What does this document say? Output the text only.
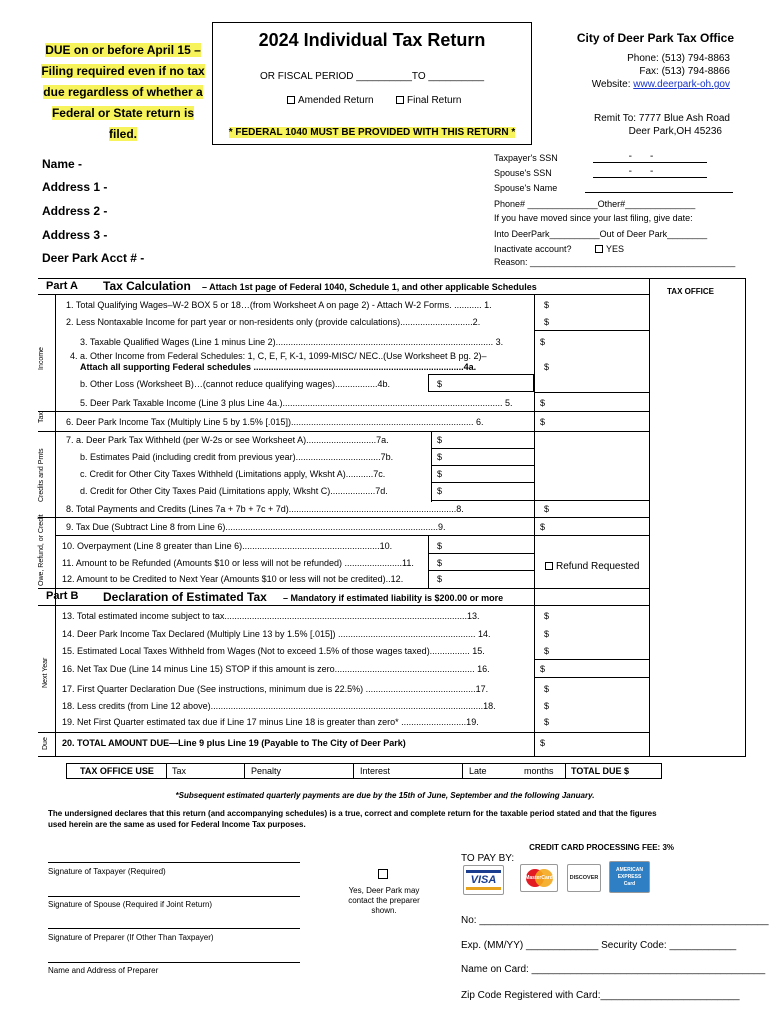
DUE on or before April 15 – Filing required even if no tax due regardless of whether a Federal or State return is filed.
2024 Individual Tax Return
OR FISCAL PERIOD __________TO __________
Amended Return	Final Return
* FEDERAL 1040 MUST BE PROVIDED WITH THIS RETURN *
City of Deer Park Tax Office
Phone: (513) 794-8863
Fax: (513) 794-8866
Website: www.deerpark-oh.gov
Remit To: 7777 Blue Ash Road
Deer Park,OH 45236
Name -
Address 1 -
Address 2 -
Address 3 -
Deer Park Acct # -
Taxpayer's SSN	--
Spouse's SSN	--
Spouse's Name
Phone# ______________Other#______________
If you have moved since your last filing, give date:
Into DeerPark__________Out of Deer Park________
Inactivate account?	YES
Reason: _________________________________________
Part A Tax Calculation – Attach 1st page of Federal 1040, Schedule 1, and other applicable Schedules	TAX OFFICE
Income
Tax
Credits and Pmts
Owe, Refund, or Credit
1. Total Qualifying Wages–W-2 BOX 5 or 18…(from Worksheet A on page 2) - Attach W-2 Forms. ........... 1.	$
2. Less Nontaxable Income for part year or non-residents only (provide calculations).............................2.	$
3. Taxable Qualified Wages (Line 1 minus Line 2)....................................................................................... 3.	$
4. a. Other Income from Federal Schedules: 1, C, E, F, K-1, 1099-MISC/ NEC..(Use Worksheet B pg. 2)–
Attach all supporting Federal schedules ....................................................................................4a.	$
b. Other Loss (Worksheet B)…(cannot reduce qualifying wages).................4b.	$
5. Deer Park Taxable Income (Line 3 plus Line 4a.)........................................................................................ 5.	$
6. Deer Park Income Tax (Multiply Line 5 by 1.5% [.015])......................................................................... 6.	$
7. a. Deer Park Tax Withheld (per W-2s or see Worksheet A)............................7a.	$
b. Estimates Paid (including credit from previous year)..................................7b.	$
c. Credit for Other City Taxes Withheld (Limitations apply, Wksht A)...........7c.	$
d. Credit for Other City Taxes Paid (Limitations apply, Wksht C)..................7d.	$
8. Total Payments and Credits (Lines 7a + 7b + 7c + 7d)...................................................................8.	$
9. Tax Due (Subtract Line 8 from Line 6).....................................................................................9.	$
10. Overpayment (Line 8 greater than Line 6).......................................................10.	$
11. Amount to be Refunded (Amounts $10 or less will not be refunded) .......................11.	$
12. Amount to be Credited to Next Year (Amounts $10 or less will not be credited)..12.	$
Refund Requested
Part B Declaration of Estimated Tax – Mandatory if estimated liability is $200.00 or more
Next Year
Due
13. Total estimated income subject to tax.................................................................................................13.	$
14. Deer Park Income Tax Declared (Multiply Line 13 by 1.5% [.015]) ....................................................... 14.	$
15. Estimated Local Taxes Withheld from Wages (Not to exceed 1.5% of those wages taxed)................ 15.	$
16. Net Tax Due (Line 14 minus Line 15) STOP if this amount is zero........................................................ 16.	$
17. First Quarter Declaration Due (See instructions, minimum due is 22.5%) ............................................17.	$
18. Less credits (from Line 12 above).............................................................................................................18.	$
19. Net First Quarter estimated tax due if Line 17 minus Line 18 is greater than zero* ..........................19.	$
20. TOTAL AMOUNT DUE—Line 9 plus Line 19 (Payable to The City of Deer Park)	$
TAX OFFICE USE Tax	Penalty	Interest	Late	months TOTAL DUE $
*Subsequent estimated quarterly payments are due by the 15th of June, September and the following January.
The undersigned declares that this return (and accompanying schedules) is a true, correct and complete return for the taxable period stated and that the figures
used herein are the same as used for Federal Income Tax purposes.
Signature of Taxpayer (Required)
Signature of Spouse (Required if Joint Return)
Signature of Preparer (If Other Than Taxpayer)
Name and Address of Preparer
Yes, Deer Park may contact the preparer shown.
CREDIT CARD PROCESSING FEE: 3%
TO PAY BY:
VISA	MasterCard	DISCOVER
AMERICAN EXPRESS Card
No: ____________________________________________________
Exp. (MM/YY) _____________ Security Code: ____________
Name on Card: __________________________________________
Zip Code Registered with Card:_________________________
